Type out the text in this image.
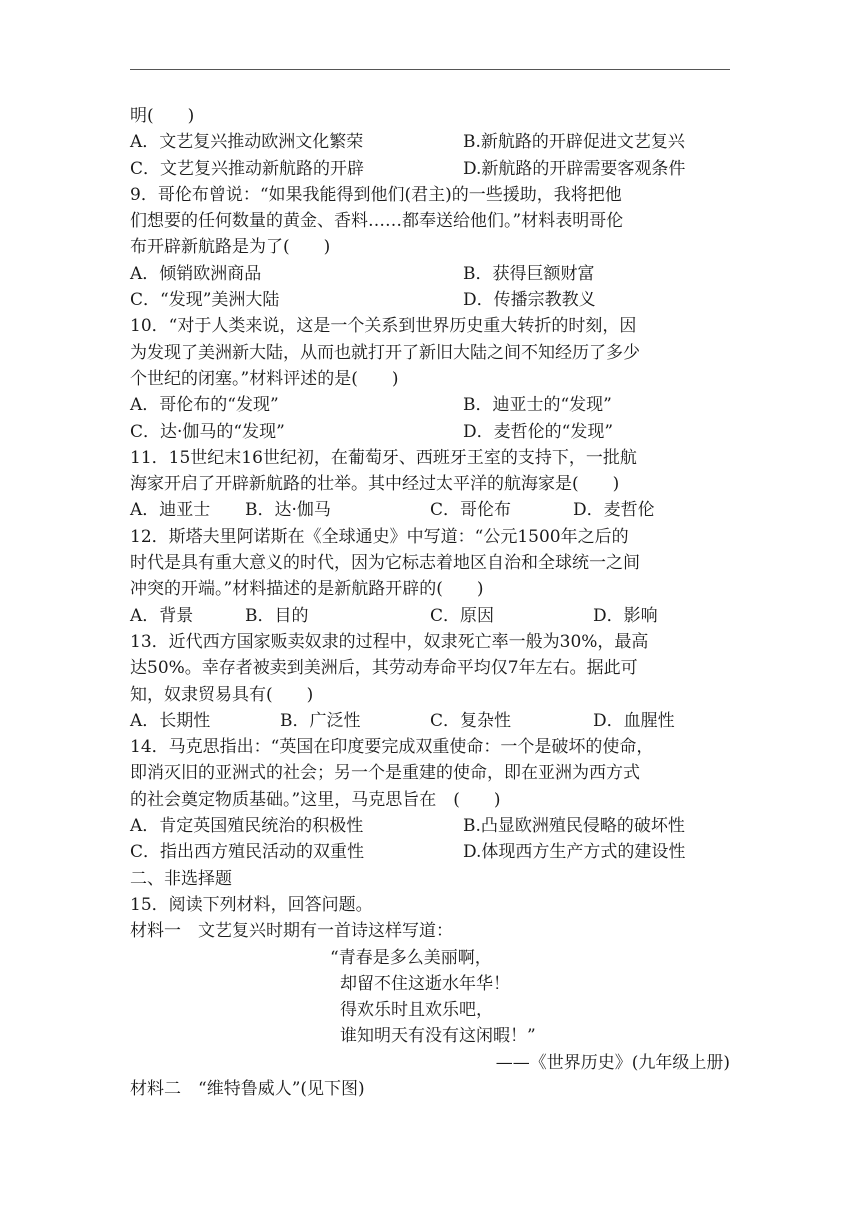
明(　　)
A．文艺复兴推动欧洲文化繁荣	B.新航路的开辟促进文艺复兴
C．文艺复兴推动新航路的开辟	D.新航路的开辟需要客观条件
9．哥伦布曾说：“如果我能得到他们(君主)的一些援助，我将把他
们想要的任何数量的黄金、香料……都奉送给他们。”材料表明哥伦
布开辟新航路是为了(　　)
A．倾销欧洲商品	B．获得巨额财富
C．“发现”美洲大陆	D．传播宗教教义
10．“对于人类来说，这是一个关系到世界历史重大转折的时刻，因
为发现了美洲新大陆，从而也就打开了新旧大陆之间不知经历了多少
个世纪的闭塞。”材料评述的是(　　)
A．哥伦布的“发现”	B．迪亚士的“发现”
C．达·伽马的“发现”	D．麦哲伦的“发现”
11．15世纪末16世纪初，在葡萄牙、西班牙王室的支持下，一批航
海家开启了开辟新航路的壮举。其中经过太平洋的航海家是(　　)
A．迪亚士 B．达·伽马	C．哥伦布	D．麦哲伦
12．斯塔夫里阿诺斯在《全球通史》中写道：“公元1500年之后的
时代是具有重大意义的时代，因为它标志着地区自治和全球统一之间
冲突的开端。”材料描述的是新航路开辟的(　　)
A．背景	B．目的	C．原因	D．影响
13．近代西方国家贩卖奴隶的过程中，奴隶死亡率一般为30%，最高
达50%。幸存者被卖到美洲后，其劳动寿命平均仅7年左右。据此可
知，奴隶贸易具有(　　)
A．长期性	B．广泛性	C．复杂性	D．血腥性
14．马克思指出：“英国在印度要完成双重使命：一个是破坏的使命，
即消灭旧的亚洲式的社会；另一个是重建的使命，即在亚洲为西方式
的社会奠定物质基础。”这里，马克思旨在　(　　)
A．肯定英国殖民统治的积极性	B.凸显欧洲殖民侵略的破坏性
C．指出西方殖民活动的双重性	D.体现西方生产方式的建设性
二、非选择题
15．阅读下列材料，回答问题。
材料一　文艺复兴时期有一首诗这样写道：
“青春是多么美丽啊，
却留不住这逝水年华！
得欢乐时且欢乐吧，
谁知明天有没有这闲暇！”
——《世界历史》(九年级上册)
材料二　“维特鲁威人”(见下图)
